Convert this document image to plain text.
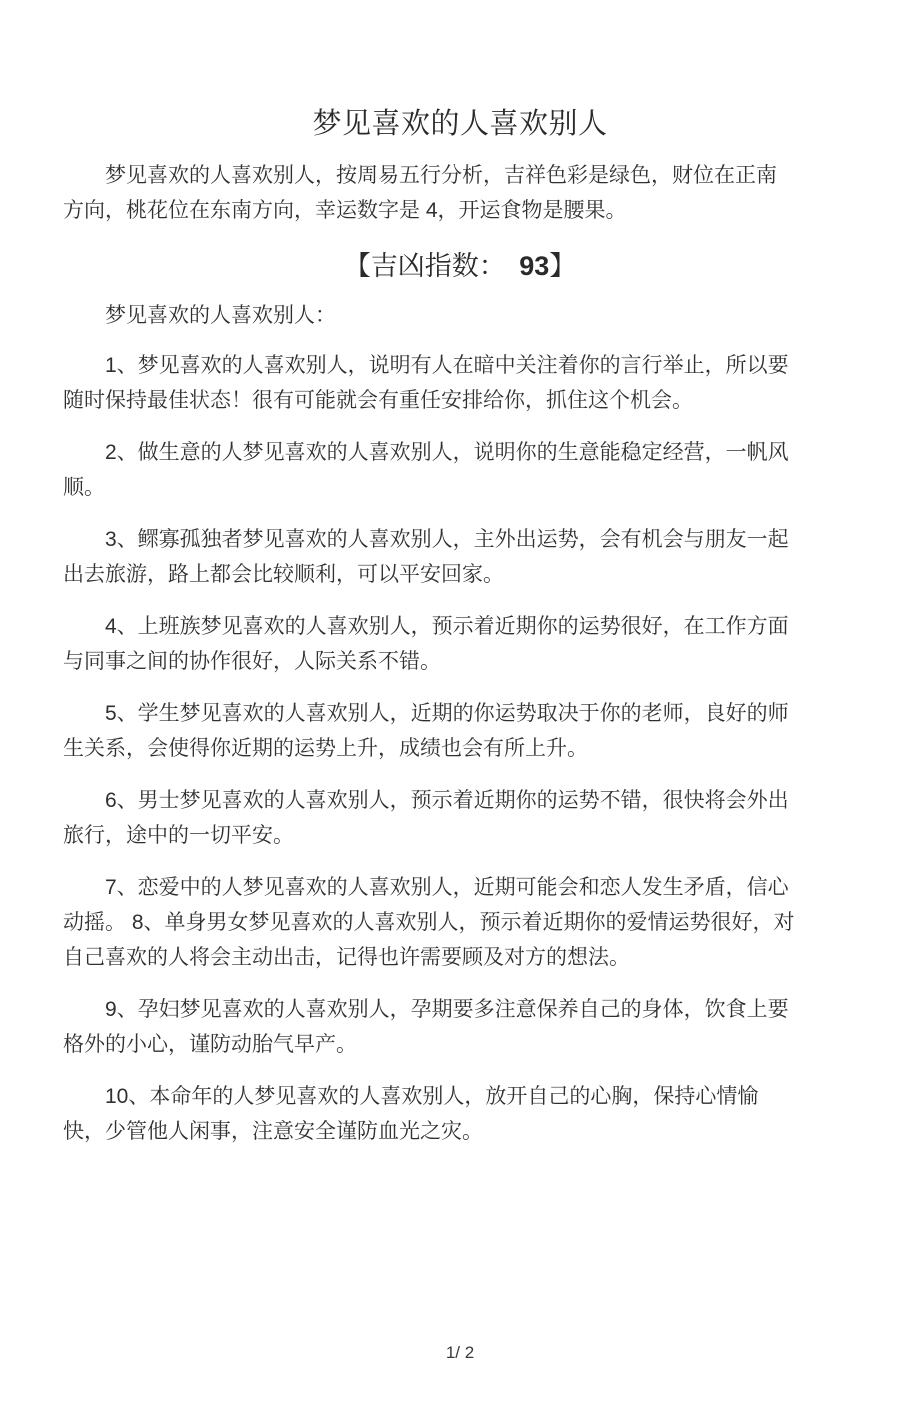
梦见喜欢的人喜欢别人

梦见喜欢的人喜欢别人，按周易五行分析，吉祥色彩是绿色，财位在正南方向，桃花位在东南方向，幸运数字是 4，开运食物是腰果。

【吉凶指数：　93】

梦见喜欢的人喜欢别人：

1、梦见喜欢的人喜欢别人，说明有人在暗中关注着你的言行举止，所以要随时保持最佳状态！很有可能就会有重任安排给你，抓住这个机会。

2、做生意的人梦见喜欢的人喜欢别人，说明你的生意能稳定经营，一帆风顺。

3、鳏寡孤独者梦见喜欢的人喜欢别人，主外出运势，会有机会与朋友一起出去旅游，路上都会比较顺利，可以平安回家。

4、上班族梦见喜欢的人喜欢别人，预示着近期你的运势很好，在工作方面与同事之间的协作很好，人际关系不错。

5、学生梦见喜欢的人喜欢别人，近期的你运势取决于你的老师，良好的师生关系，会使得你近期的运势上升，成绩也会有所上升。

6、男士梦见喜欢的人喜欢别人，预示着近期你的运势不错，很快将会外出旅行，途中的一切平安。

7、恋爱中的人梦见喜欢的人喜欢别人，近期可能会和恋人发生矛盾，信心动摇。 8、单身男女梦见喜欢的人喜欢别人，预示着近期你的爱情运势很好，对自己喜欢的人将会主动出击，记得也许需要顾及对方的想法。

9、孕妇梦见喜欢的人喜欢别人，孕期要多注意保养自己的身体，饮食上要格外的小心，谨防动胎气早产。

10、本命年的人梦见喜欢的人喜欢别人，放开自己的心胸，保持心情愉快，少管他人闲事，注意安全谨防血光之灾。

1/ 2
